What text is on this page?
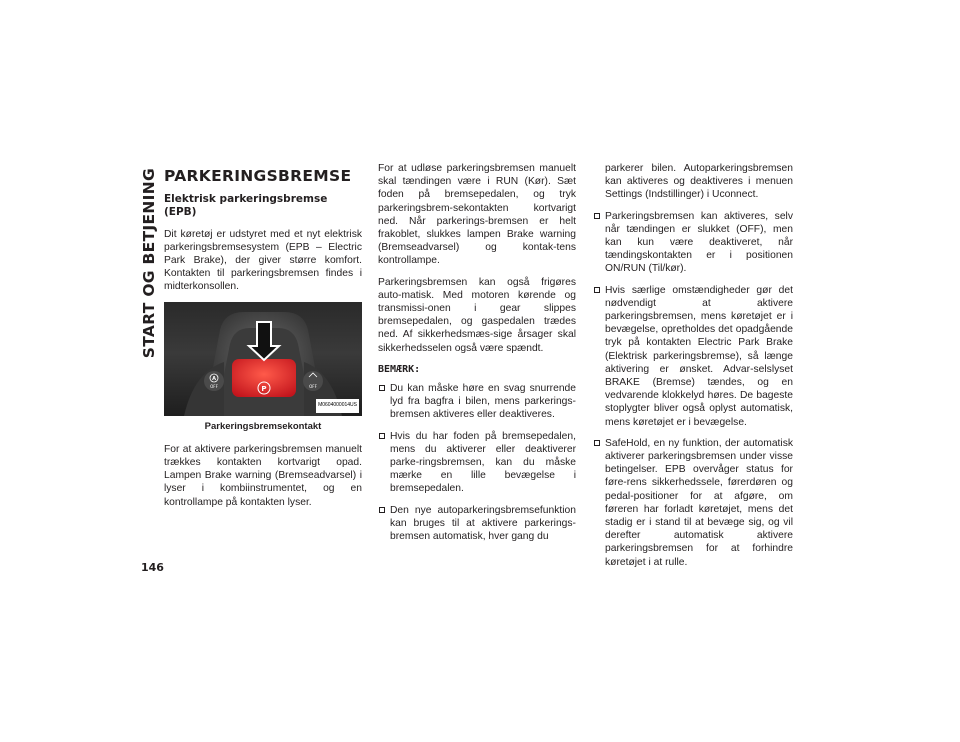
START OG BETJENING PARKERINGSBREMSE
Elektrisk parkeringsbremse (EPB)

Dit køretøj er udstyret med et nyt elektrisk parkeringsbremsesystem (EPB – Electric Park Brake), der giver større komfort. Kontakten til parkeringsbremsen findes i midterkonsollen.

P
A
OFF	OFF
M0604000014US
Parkeringsbremsekontakt

For at aktivere parkeringsbremsen manuelt trækkes kontakten kortvarigt opad. Lampen Brake warning (Bremseadvarsel) i lyser i kombiinstrumentet, og en kontrollampe på kontakten lyser.

For at udløse parkeringsbremsen manuelt skal tændingen være i RUN (Kør). Sæt foden på bremsepedalen, og tryk parkeringsbrem-sekontakten kortvarigt ned. Når parkerings-bremsen er helt frakoblet, slukkes lampen Brake warning (Bremseadvarsel) og kontak-tens kontrollampe.

Parkeringsbremsen kan også frigøres auto-matisk. Med motoren kørende og transmissi-onen i gear slippes bremsepedalen, og gaspedalen trædes ned. Af sikkerhedsmæs-sige årsager skal sikkerhedsselen også være spændt.

BEMÆRK:
Du kan måske høre en svag snurrende lyd fra bagfra i bilen, mens parkerings-bremsen aktiveres eller deaktiveres.
Hvis du har foden på bremsepedalen, mens du aktiverer eller deaktiverer parke-ringsbremsen, kan du måske mærke en lille bevægelse i bremsepedalen.
Den nye autoparkeringsbremsefunktion kan bruges til at aktivere parkerings-bremsen automatisk, hver gang du
parkerer bilen. Autoparkeringsbremsen kan aktiveres og deaktiveres i menuen Settings (Indstillinger) i Uconnect.
Parkeringsbremsen kan aktiveres, selv når tændingen er slukket (OFF), men kan kun være deaktiveret, når tændingskontakten er i positionen ON/RUN (Til/kør).
Hvis særlige omstændigheder gør det nødvendigt at aktivere parkeringsbremsen, mens køretøjet er i bevægelse, opretholdes det opadgående tryk på kontakten Electric Park Brake (Elektrisk parkeringsbremse), så længe aktivering er ønsket. Advar-selslyset BRAKE (Bremse) tændes, og en vedvarende klokkelyd høres. De bageste stoplygter bliver også oplyst automatisk, mens køretøjet er i bevægelse.
SafeHold, en ny funktion, der automatisk aktiverer parkeringsbremsen under visse betingelser. EPB overvåger status for føre-rens sikkerhedssele, førerdøren og pedal-positioner for at afgøre, om føreren har forladt køretøjet, mens det stadig er i stand til at bevæge sig, og vil derefter automatisk aktivere parkeringsbremsen for at forhindre køretøjet i at rulle.
146
